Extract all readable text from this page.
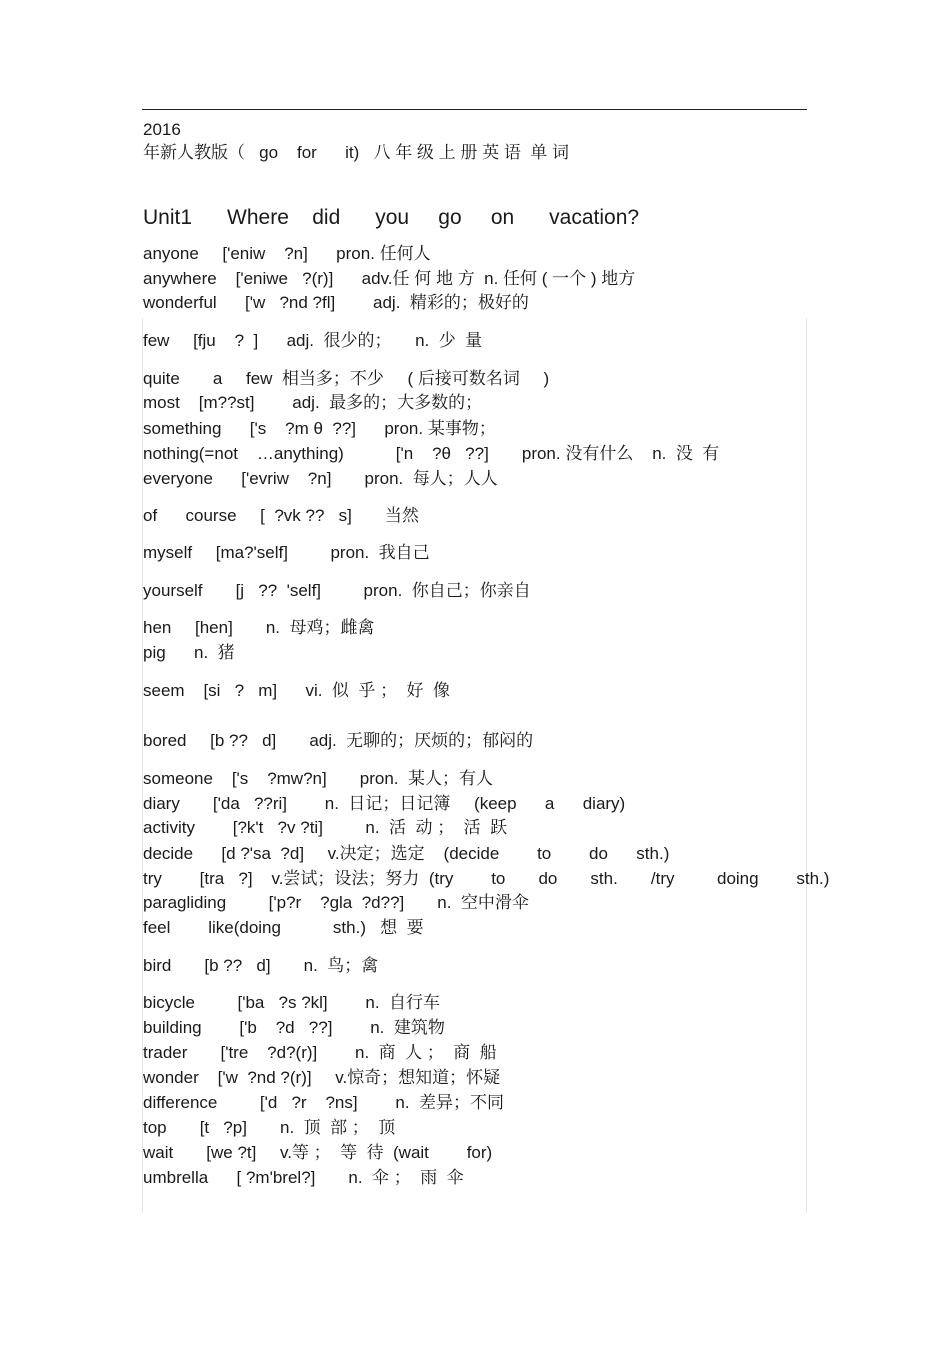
2016
年新人教版（   go    for      it)   八 年 级 上 册 英 语  单 词
Unit1      Where    did      you     go     on      vacation?
anyone     ['eniw    ?n]      pron. 任何人
anywhere    ['eniwe   ?(r)]      adv.任 何 地 方  n. 任何 ( 一个 ) 地方
wonderful      ['w   ?nd ?fl]        adj.  精彩的；极好的
few     [fju    ?  ]      adj.  很少的；     n.  少  量
quite       a     few  相当多；不少     ( 后接可数名词     )
most    [m??st]        adj.  最多的；大多数的；
something      ['s    ?m θ  ??]      pron. 某事物；
nothing(=not    …anything)           ['n    ?θ   ??]       pron. 没有什么    n.  没  有
everyone      ['evriw    ?n]       pron.  每人；人人
of      course     [  ?vk ??   s]       当然
myself     [ma?'self]         pron.  我自己
yourself       [j   ??  'self]         pron.  你自己；你亲自
hen     [hen]       n.  母鸡；雌禽
pig      n.  猪
seem    [si   ?   m]      vi.  似  乎 ；  好  像
bored     [b ??   d]       adj.  无聊的；厌烦的；郁闷的
someone    ['s    ?mw?n]       pron.  某人；有人
diary       ['da   ??ri]        n.  日记；日记簿     (keep      a      diary)
activity        [?k't   ?v ?ti]         n.  活  动 ；  活  跃
decide      [d ?'sa  ?d]     v.决定；选定    (decide        to        do      sth.)
try        [tra   ?]    v.尝试；设法；努力  (try        to       do       sth.       /try         doing        sth.)
paragliding         ['p?r    ?gla  ?d??]       n.  空中滑伞
feel        like(doing           sth.)   想  要
bird       [b ??   d]       n.  鸟；禽
bicycle         ['ba   ?s ?kl]        n.  自行车
building        ['b    ?d   ??]        n.  建筑物
trader       ['tre    ?d?(r)]        n.  商  人 ；  商  船
wonder    ['w  ?nd ?(r)]     v.惊奇；想知道；怀疑
difference         ['d   ?r    ?ns]        n.  差异；不同
top       [t   ?p]       n.  顶  部 ；  顶
wait       [we ?t]     v.等 ；  等  待  (wait        for)
umbrella      [ ?m'brel?]       n.  伞 ；  雨  伞
